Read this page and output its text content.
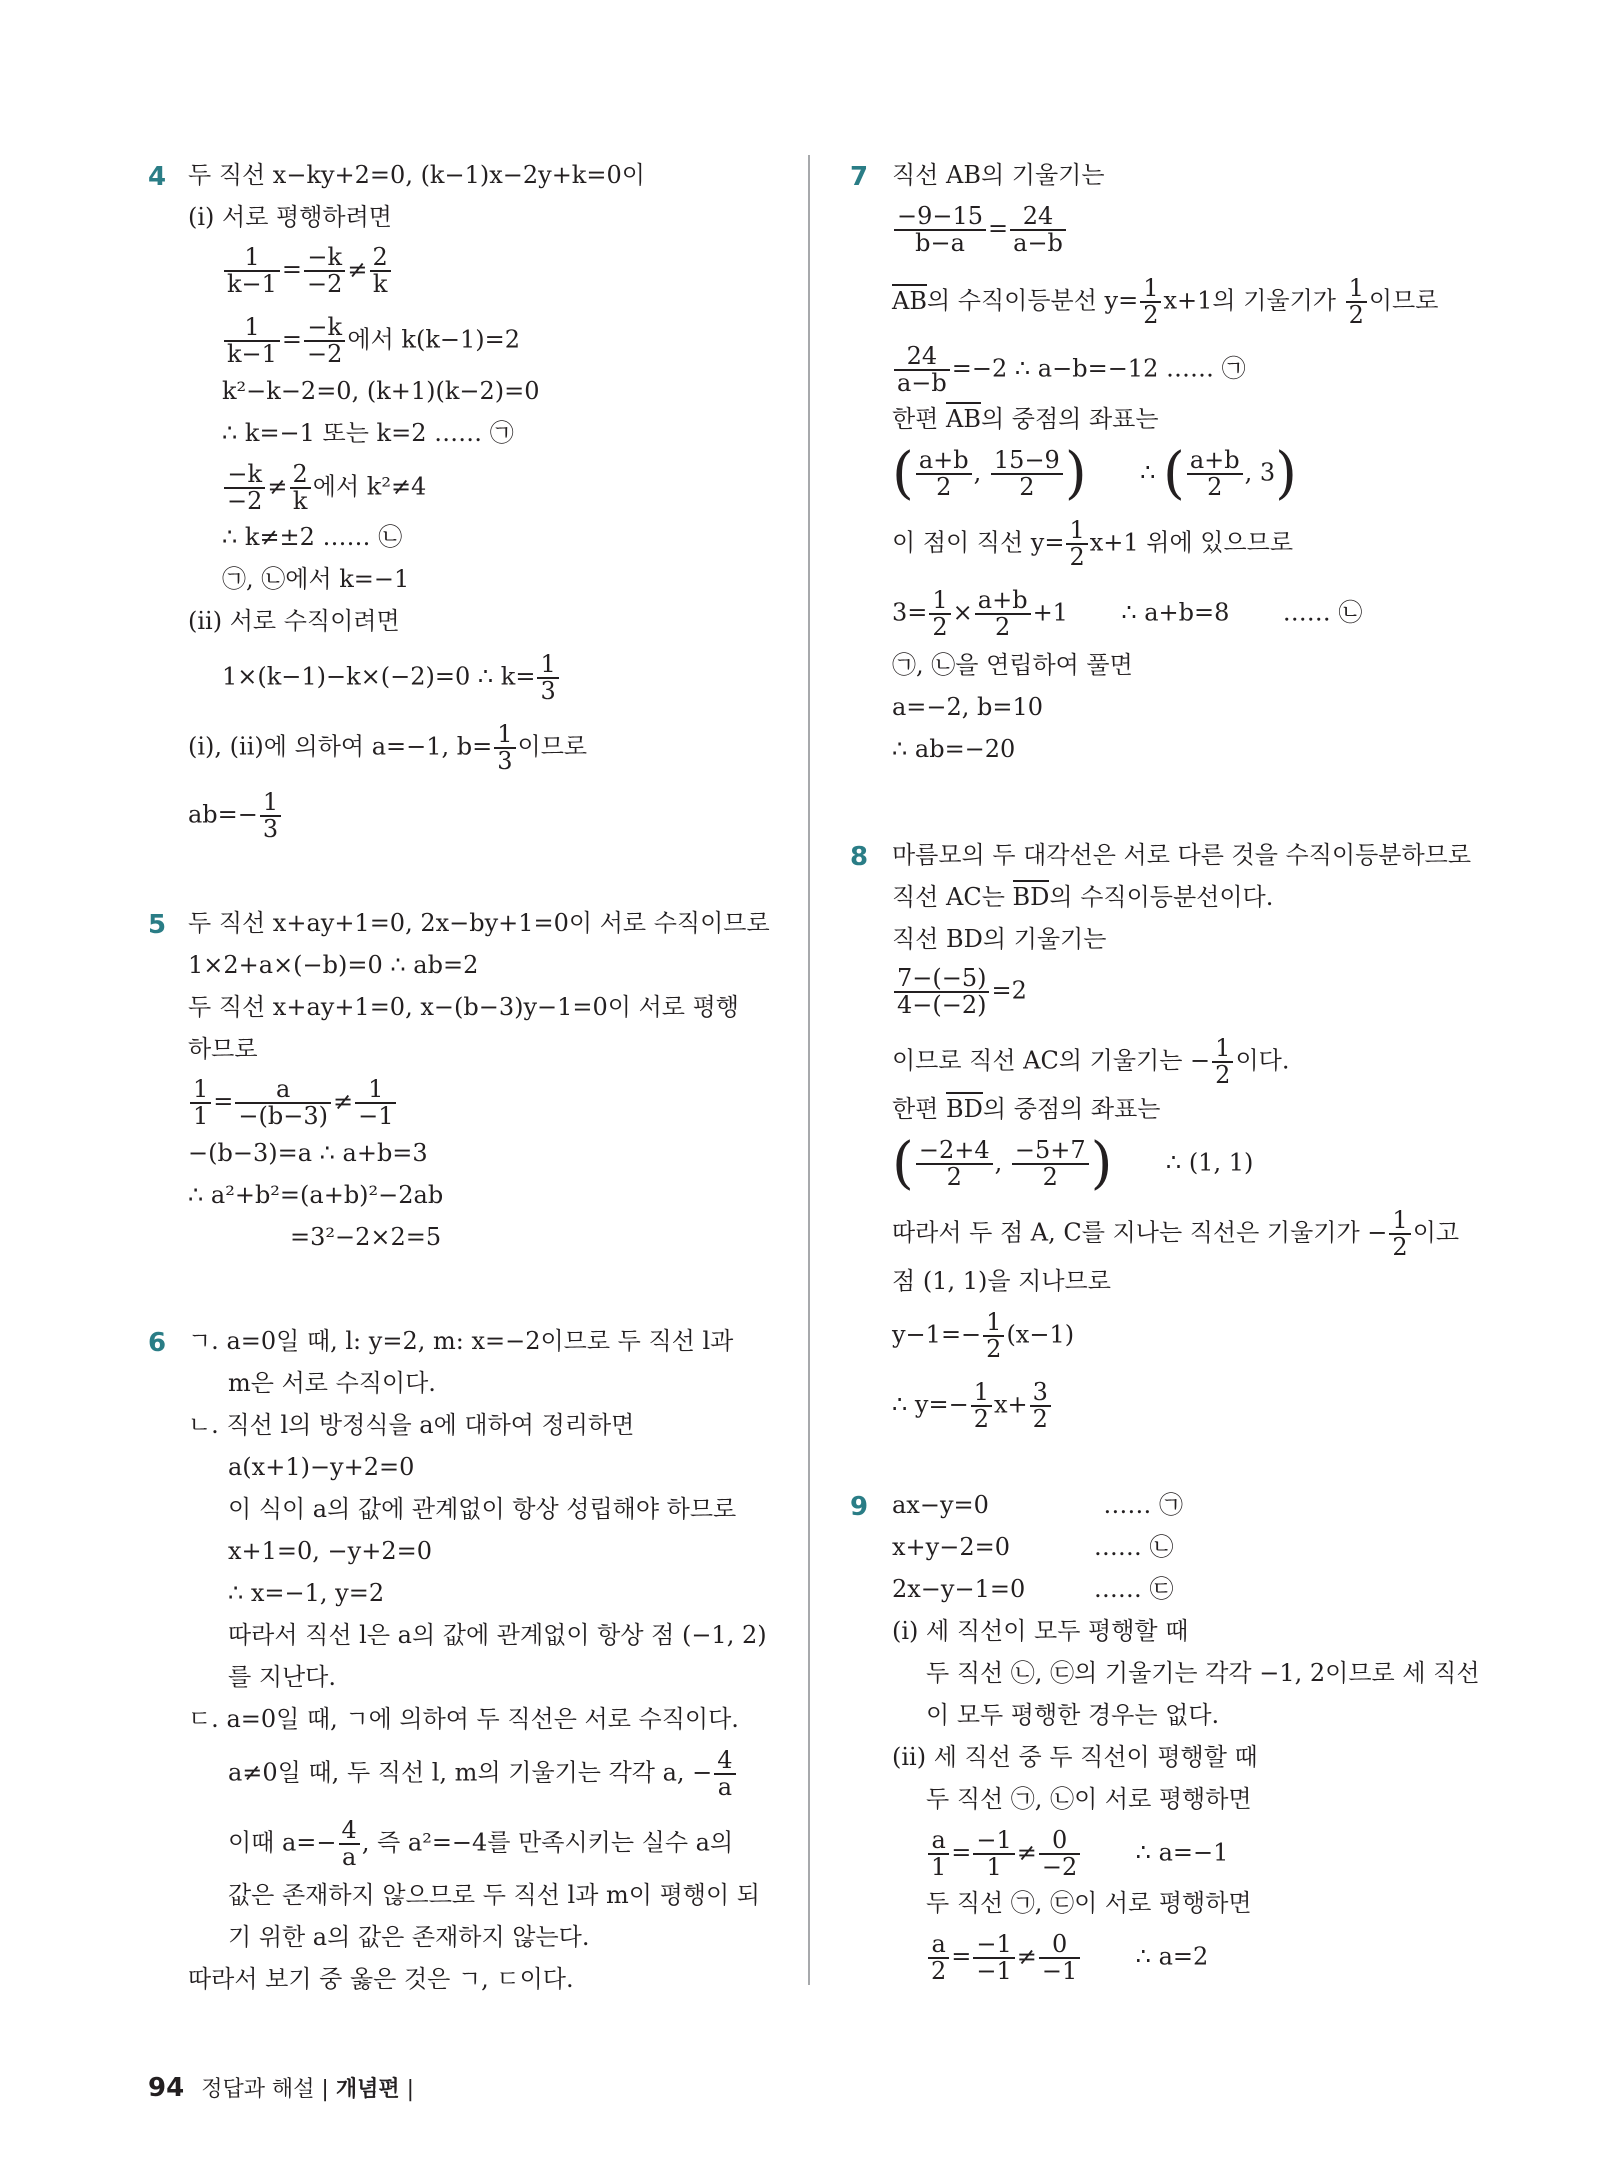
4 두 직선 x−ky+2=0, (k−1)x−2y+k=0이
(i) 서로 평행하려면
$\frac{1}{k-1} = \frac{-k}{-2} \ne \frac{2}{k}$
$\frac{1}{k-1} = \frac{-k}{-2}$ 에서 k(k−1)=2
k²−k−2=0, (k+1)(k−2)=0
∴ k=−1 또는 k=2 …… ㉠
$\frac{-k}{-2} \ne \frac{2}{k}$ 에서 k²≠4
∴ k≠±2 …… ㉡
㉠, ㉡에서 k=−1
(ii) 서로 수직이려면
1×(k−1)−k×(−2)=0 ∴ $k= \frac{1}{3}$
(i), (ii)에 의하여 a=−1, $b= \frac{1}{3}$ 이므로
$ab=- \frac{1}{3}$
5 두 직선 x+ay+1=0, 2x−by+1=0이 서로 수직이므로
1×2+a×(−b)=0 ∴ ab=2
두 직선 x+ay+1=0, x−(b−3)y−1=0이 서로 평행
하므로
$\frac{1}{1} = \frac{a}{-(b-3)} \ne \frac{1}{-1}$
−(b−3)=a ∴ a+b=3
∴ a²+b²=(a+b)²−2ab
=3²−2×2=5
6 ㄱ. a=0일 때, l: y=2, m: x=−2이므로 두 직선 l과
m은 서로 수직이다.
ㄴ. 직선 l의 방정식을 a에 대하여 정리하면
a(x+1)−y+2=0
이 식이 a의 값에 관계없이 항상 성립해야 하므로
x+1=0, −y+2=0
∴ x=−1, y=2
따라서 직선 l은 a의 값에 관계없이 항상 점 (−1, 2)
를 지난다.
ㄷ. a=0일 때, ㄱ에 의하여 두 직선은 서로 수직이다.
a≠0일 때, 두 직선 l, m의 기울기는 각각 a, − $\frac{4}{a}$
이때 $a=- \frac{4}{a}$ , 즉 a²=−4를 만족시키는 실수 a의
값은 존재하지 않으므로 두 직선 l과 m이 평행이 되
기 위한 a의 값은 존재하지 않는다.
따라서 보기 중 옳은 것은 ㄱ, ㄷ이다.
7 직선 AB의 기울기는
$\frac{-9-15}{b-a} = \frac{24}{a-b}$
AB의 수직이등분선 $y= \frac{1}{2} x+1$의 기울기가 $\frac{1}{2}$ 이므로
$\frac{24}{a-b} =-2$ ∴ a−b=−12 …… ㉠
한편 AB의 중점의 좌표는
( $\frac{a+b}{2}$ , $\frac{15-9}{2}$ )       ∴ ( $\frac{a+b}{2}$ , 3)
이 점이 직선 $y= \frac{1}{2} x+1$ 위에 있으므로
$3= \frac{1}{2} \times \frac{a+b}{2} +1$       ∴ a+b=8       …… ㉡
㉠, ㉡을 연립하여 풀면
a=−2, b=10
∴ ab=−20
8 마름모의 두 대각선은 서로 다른 것을 수직이등분하므로
직선 AC는 BD의 수직이등분선이다.
직선 BD의 기울기는
$\frac{7-(-5)}{4-(-2)} =2$
이므로 직선 AC의 기울기는 − $\frac{1}{2}$ 이다.
한편 BD의 중점의 좌표는
( $\frac{-2+4}{2}$ , $\frac{-5+7}{2}$ )       ∴ (1, 1)
따라서 두 점 A, C를 지나는 직선은 기울기가 − $\frac{1}{2}$ 이고
점 (1, 1)을 지나므로
$y-1=- \frac{1}{2} (x-1)$
∴ $y=- \frac{1}{2} x+ \frac{3}{2}$
9 ax−y=0               …… ㉠
x+y−2=0           …… ㉡
2x−y−1=0         …… ㉢
(i) 세 직선이 모두 평행할 때
두 직선 ㉡, ㉢의 기울기는 각각 −1, 2이므로 세 직선
이 모두 평행한 경우는 없다.
(ii) 세 직선 중 두 직선이 평행할 때
두 직선 ㉠, ㉡이 서로 평행하면
$\frac{a}{1} = \frac{-1}{1} \ne \frac{0}{-2}$ ∴ a=−1
두 직선 ㉠, ㉢이 서로 평행하면
$\frac{a}{2} = \frac{-1}{-1} \ne \frac{0}{-1}$ ∴ a=2
94 정답과 해설 | 개념편 |
